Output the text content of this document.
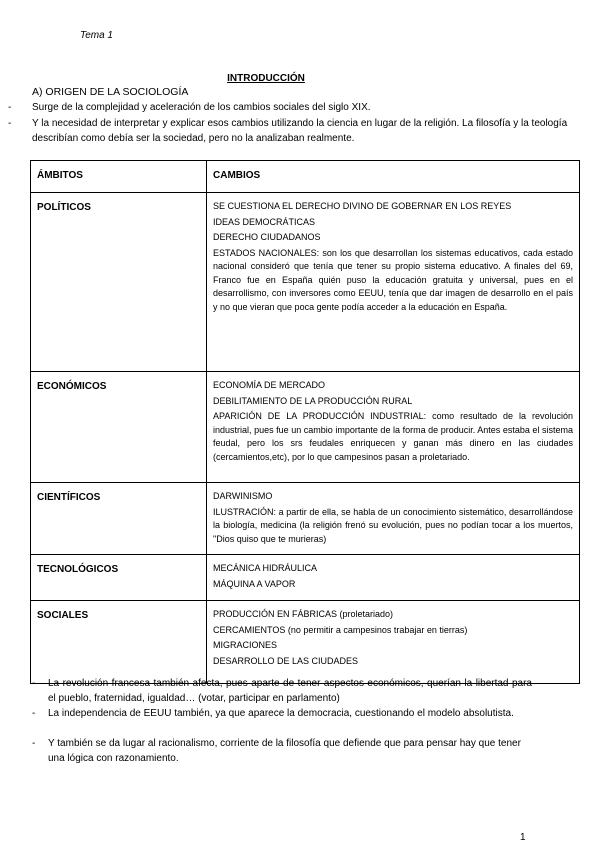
Tema 1
INTRODUCCIÓN
A) ORIGEN DE LA SOCIOLOGÍA
- Surge de la complejidad y aceleración de los cambios sociales del siglo XIX.
- Y la necesidad de interpretar y explicar esos cambios utilizando la ciencia en lugar de la religión. La filosofía y la teología describían como debía ser la sociedad, pero no la analizaban realmente.
ÁMBITOS	CAMBIOS
POLÍTICOS	SE CUESTIONA EL DERECHO DIVINO DE GOBERNAR EN LOS REYES
IDEAS DEMOCRÁTICAS
DERECHO CIUDADANOS
ESTADOS NACIONALES: son los que desarrollan los sistemas educativos, cada estado nacional consideró que tenía que tener su propio sistema educativo. A finales del 69, Franco fue en España quién puso la educación gratuita y universal, pues en el desarrollismo, con inversores como EEUU, tenía que dar imagen de desarrollo en el país y no que vieran que poca gente podía acceder a la educación en España.

ECONÓMICOS	ECONOMÍA DE MERCADO
DEBILITAMIENTO DE LA PRODUCCIÓN RURAL
APARICIÓN DE LA PRODUCCIÓN INDUSTRIAL: como resultado de la revolución industrial, pues fue un cambio importante de la forma de producir. Antes estaba el sistema feudal, pero los srs feudales enriquecen y ganan más dinero en las ciudades (cercamientos,etc), por lo que campesinos pasan a proletariado.

CIENTÍFICOS	DARWINISMO
ILUSTRACIÓN: a partir de ella, se habla de un conocimiento sistemático, desarrollándose la biología, medicina (la religión frenó su evolución, pues no podían tocar a los muertos, "Dios quiso que te murieras)

TECNOLÓGICOS	MECÁNICA HIDRÁULICA
MÁQUINA A VAPOR

SOCIALES	PRODUCCIÓN EN FÁBRICAS (proletariado)
CERCAMIENTOS (no permitir a campesinos trabajar en tierras)
MIGRACIONES
DESARROLLO DE LAS CIUDADES
- La revolución francesa también afecta, pues aparte de tener aspectos económicos, querían la libertad para el pueblo, fraternidad, igualdad… (votar, participar en parlamento)
- La independencia de EEUU también, ya que aparece la democracia, cuestionando el modelo absolutista.
- Y también se da lugar al racionalismo, corriente de la filosofía que defiende que para pensar hay que tener una lógica con razonamiento.
1
